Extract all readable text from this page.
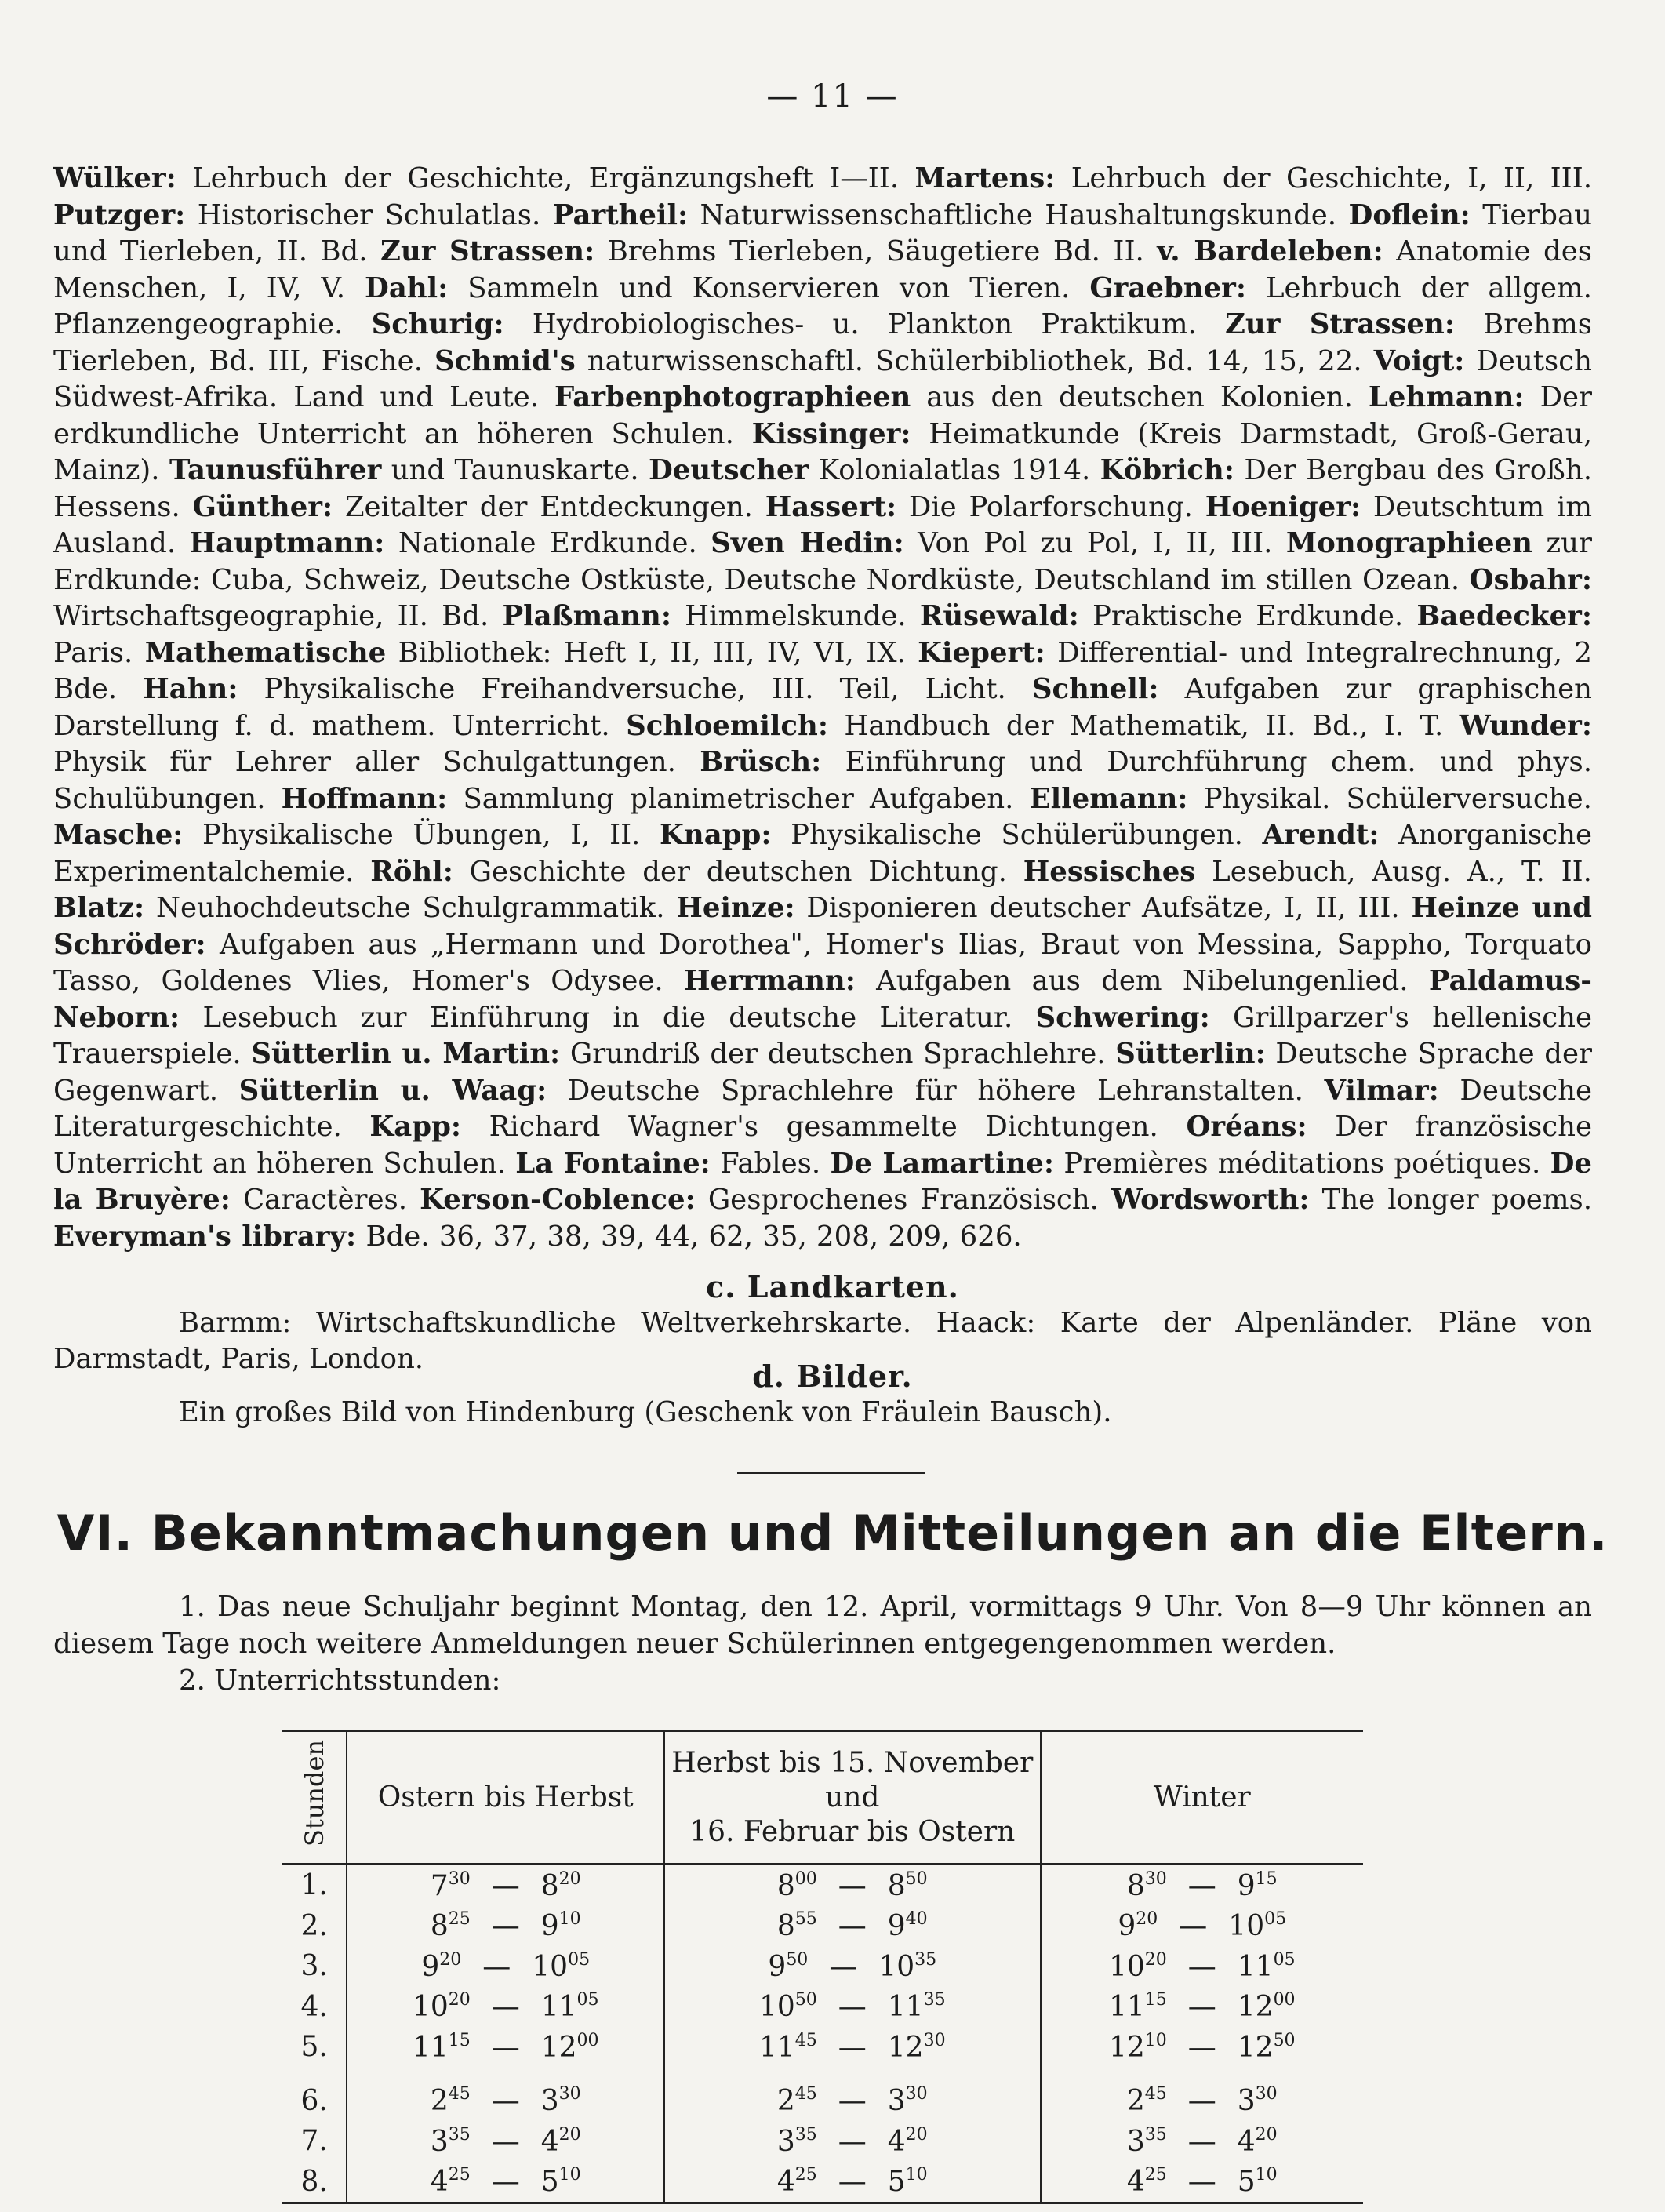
— 11 —
Wülker: Lehrbuch der Geschichte, Ergänzungsheft I—II. Martens: Lehrbuch der Geschichte, I, II, III. Putzger: Historischer Schulatlas. Partheil: Naturwissenschaftliche Haushaltungskunde. Doflein: Tierbau und Tierleben, II. Bd. Zur Strassen: Brehms Tierleben, Säugetiere Bd. II. v. Bardeleben: Anatomie des Menschen, I, IV, V. Dahl: Sammeln und Konservieren von Tieren. Graebner: Lehrbuch der allgem. Pflanzengeographie. Schurig: Hydrobiologisches- u. Plankton Praktikum. Zur Strassen: Brehms Tierleben, Bd. III, Fische. Schmid's naturwissenschaftl. Schülerbibliothek, Bd. 14, 15, 22. Voigt: Deutsch Südwest-Afrika. Land und Leute. Farbenphotographieen aus den deutschen Kolonien. Lehmann: Der erdkundliche Unterricht an höheren Schulen. Kissinger: Heimatkunde (Kreis Darmstadt, Groß-Gerau, Mainz). Taunusführer und Taunuskarte. Deutscher Kolonialatlas 1914. Köbrich: Der Bergbau des Großh. Hessens. Günther: Zeitalter der Entdeckungen. Hassert: Die Polarforschung. Hoeniger: Deutschtum im Ausland. Hauptmann: Nationale Erdkunde. Sven Hedin: Von Pol zu Pol, I, II, III. Monographieen zur Erdkunde: Cuba, Schweiz, Deutsche Ostküste, Deutsche Nordküste, Deutschland im stillen Ozean. Osbahr: Wirtschaftsgeographie, II. Bd. Plaßmann: Himmelskunde. Rüsewald: Praktische Erdkunde. Baedecker: Paris. Mathematische Bibliothek: Heft I, II, III, IV, VI, IX. Kiepert: Differential- und Integralrechnung, 2 Bde. Hahn: Physikalische Freihandversuche, III. Teil, Licht. Schnell: Aufgaben zur graphischen Darstellung f. d. mathem. Unterricht. Schloemilch: Handbuch der Mathematik, II. Bd., I. T. Wunder: Physik für Lehrer aller Schulgattungen. Brüsch: Einführung und Durchführung chem. und phys. Schulübungen. Hoffmann: Sammlung planimetrischer Aufgaben. Ellemann: Physikal. Schülerversuche. Masche: Physikalische Übungen, I, II. Knapp: Physikalische Schülerübungen. Arendt: Anorganische Experimentalchemie. Röhl: Geschichte der deutschen Dichtung. Hessisches Lesebuch, Ausg. A., T. II. Blatz: Neuhochdeutsche Schulgrammatik. Heinze: Disponieren deutscher Aufsätze, I, II, III. Heinze und Schröder: Aufgaben aus „Hermann und Dorothea", Homer's Ilias, Braut von Messina, Sappho, Torquato Tasso, Goldenes Vlies, Homer's Odysee. Herrmann: Aufgaben aus dem Nibelungenlied. Paldamus-Neborn: Lesebuch zur Einführung in die deutsche Literatur. Schwering: Grillparzer's hellenische Trauerspiele. Sütterlin u. Martin: Grundriß der deutschen Sprachlehre. Sütterlin: Deutsche Sprache der Gegenwart. Sütterlin u. Waag: Deutsche Sprachlehre für höhere Lehranstalten. Vilmar: Deutsche Literaturgeschichte. Kapp: Richard Wagner's gesammelte Dichtungen. Oréans: Der französische Unterricht an höheren Schulen. La Fontaine: Fables. De Lamartine: Premières méditations poétiques. De la Bruyère: Caractères. Kerson-Coblence: Gesprochenes Französisch. Wordsworth: The longer poems. Everyman's library: Bde. 36, 37, 38, 39, 44, 62, 35, 208, 209, 626.
c. Landkarten.
Barmm: Wirtschaftskundliche Weltverkehrskarte. Haack: Karte der Alpenländer. Pläne von Darmstadt, Paris, London.	d. Bilder.
Ein großes Bild von Hindenburg (Geschenk von Fräulein Bausch).
VI. Bekanntmachungen und Mitteilungen an die Eltern.
1. Das neue Schuljahr beginnt Montag, den 12. April, vormittags 9 Uhr. Von 8—9 Uhr können an diesem Tage noch weitere Anmeldungen neuer Schülerinnen entgegengenommen werden.
2. Unterrichtsstunden:
Stunden	Ostern bis Herbst	Herbst bis 15. November
und
16. Februar bis Ostern	Winter
1.	$7^{30}$ — $8^{20}$	$8^{00}$ — $8^{50}$	$8^{30}$ — $9^{15}$
2.	$8^{25}$ — $9^{10}$	$8^{55}$ — $9^{40}$	$9^{20}$ — $10^{05}$
3.	$9^{20}$ — $10^{05}$	$9^{50}$ — $10^{35}$	$10^{20}$ — $11^{05}$
4.	$10^{20}$ — $11^{05}$	$10^{50}$ — $11^{35}$	$11^{15}$ — $12^{00}$
5.	$11^{15}$ — $12^{00}$	$11^{45}$ — $12^{30}$	$12^{10}$ — $12^{50}$
6.	$2^{45}$ — $3^{30}$	$2^{45}$ — $3^{30}$	$2^{45}$ — $3^{30}$
7.	$3^{35}$ — $4^{20}$	$3^{35}$ — $4^{20}$	$3^{35}$ — $4^{20}$
8.	$4^{25}$ — $5^{10}$	$4^{25}$ — $5^{10}$	$4^{25}$ — $5^{10}$
